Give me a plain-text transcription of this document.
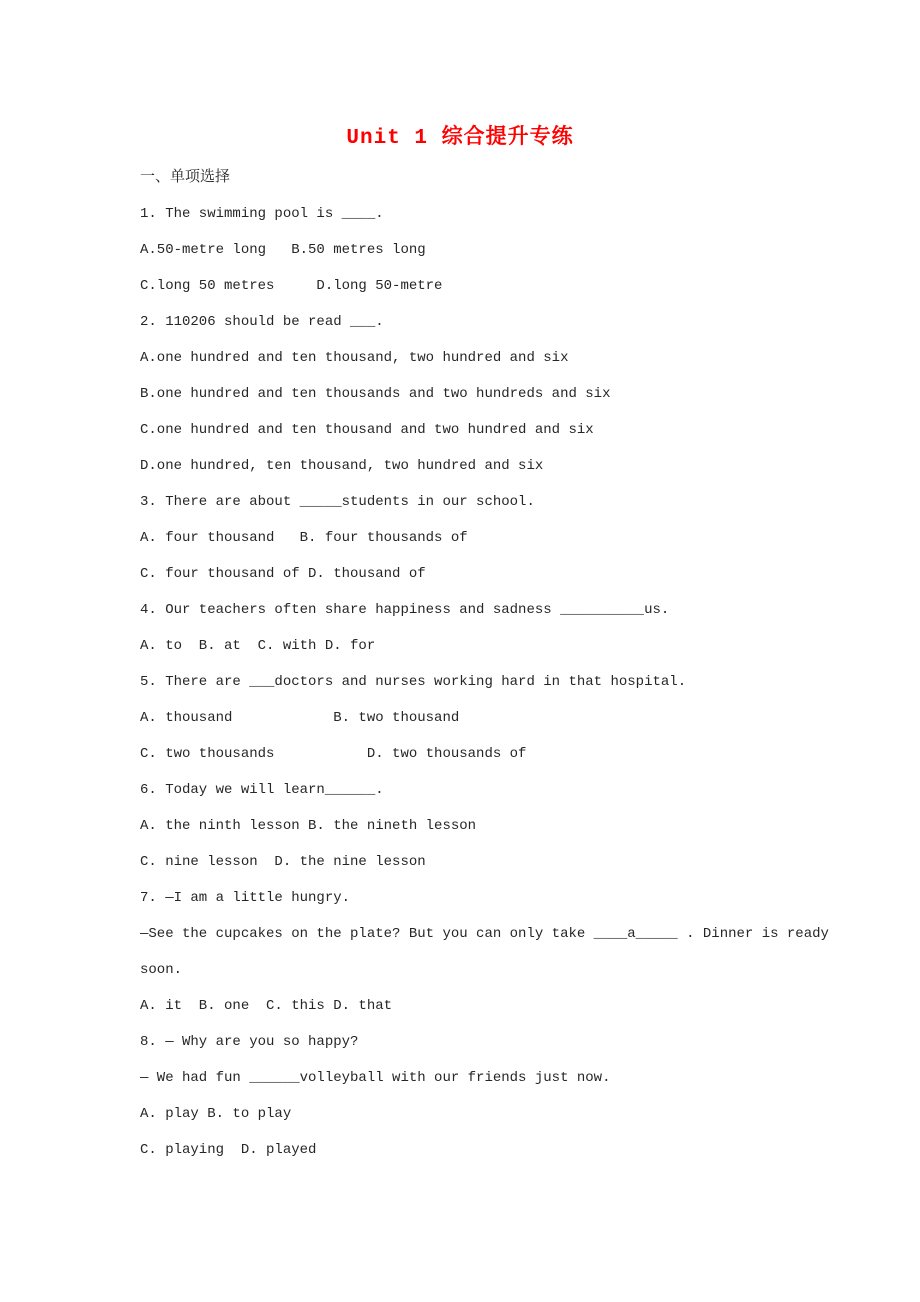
Unit 1 综合提升专练
一、单项选择
1. The swimming pool is ____.
A.50-metre long   B.50 metres long
C.long 50 metres     D.long 50-metre
2. 110206 should be read ___.
A.one hundred and ten thousand, two hundred and six
B.one hundred and ten thousands and two hundreds and six
C.one hundred and ten thousand and two hundred and six
D.one hundred, ten thousand, two hundred and six
3. There are about _____students in our school.
A. four thousand   B. four thousands of
C. four thousand of D. thousand of
4. Our teachers often share happiness and sadness __________us.
A. to  B. at  C. with D. for
5. There are ___doctors and nurses working hard in that hospital.
A. thousand            B. two thousand
C. two thousands           D. two thousands of
6. Today we will learn______.
A. the ninth lesson B. the nineth lesson
C. nine lesson  D. the nine lesson
7. —I am a little hungry.
—See the cupcakes on the plate? But you can only take ____a_____ . Dinner is ready
soon.
A. it  B. one  C. this D. that
8. — Why are you so happy?
— We had fun ______volleyball with our friends just now.
A. play B. to play
C. playing  D. played
